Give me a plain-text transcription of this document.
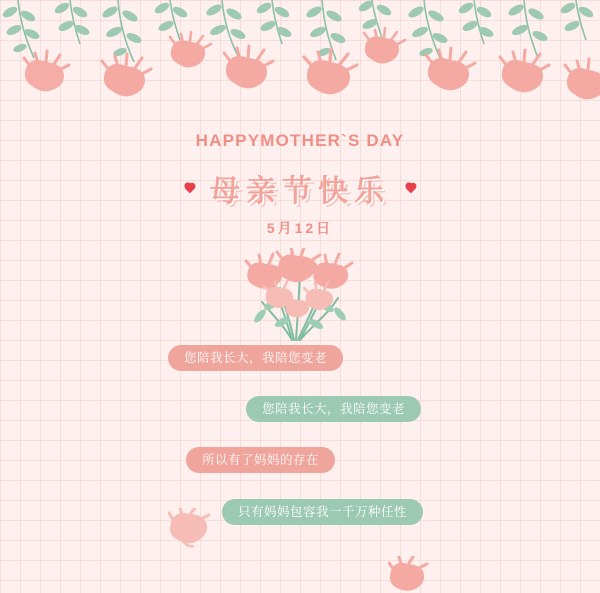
HAPPYMOTHER`S DAY
母亲节快乐
5月12日
您陪我长大，我陪您变老
您陪我长大，我陪您变老
所以有了妈妈的存在
只有妈妈包容我一千万种任性
